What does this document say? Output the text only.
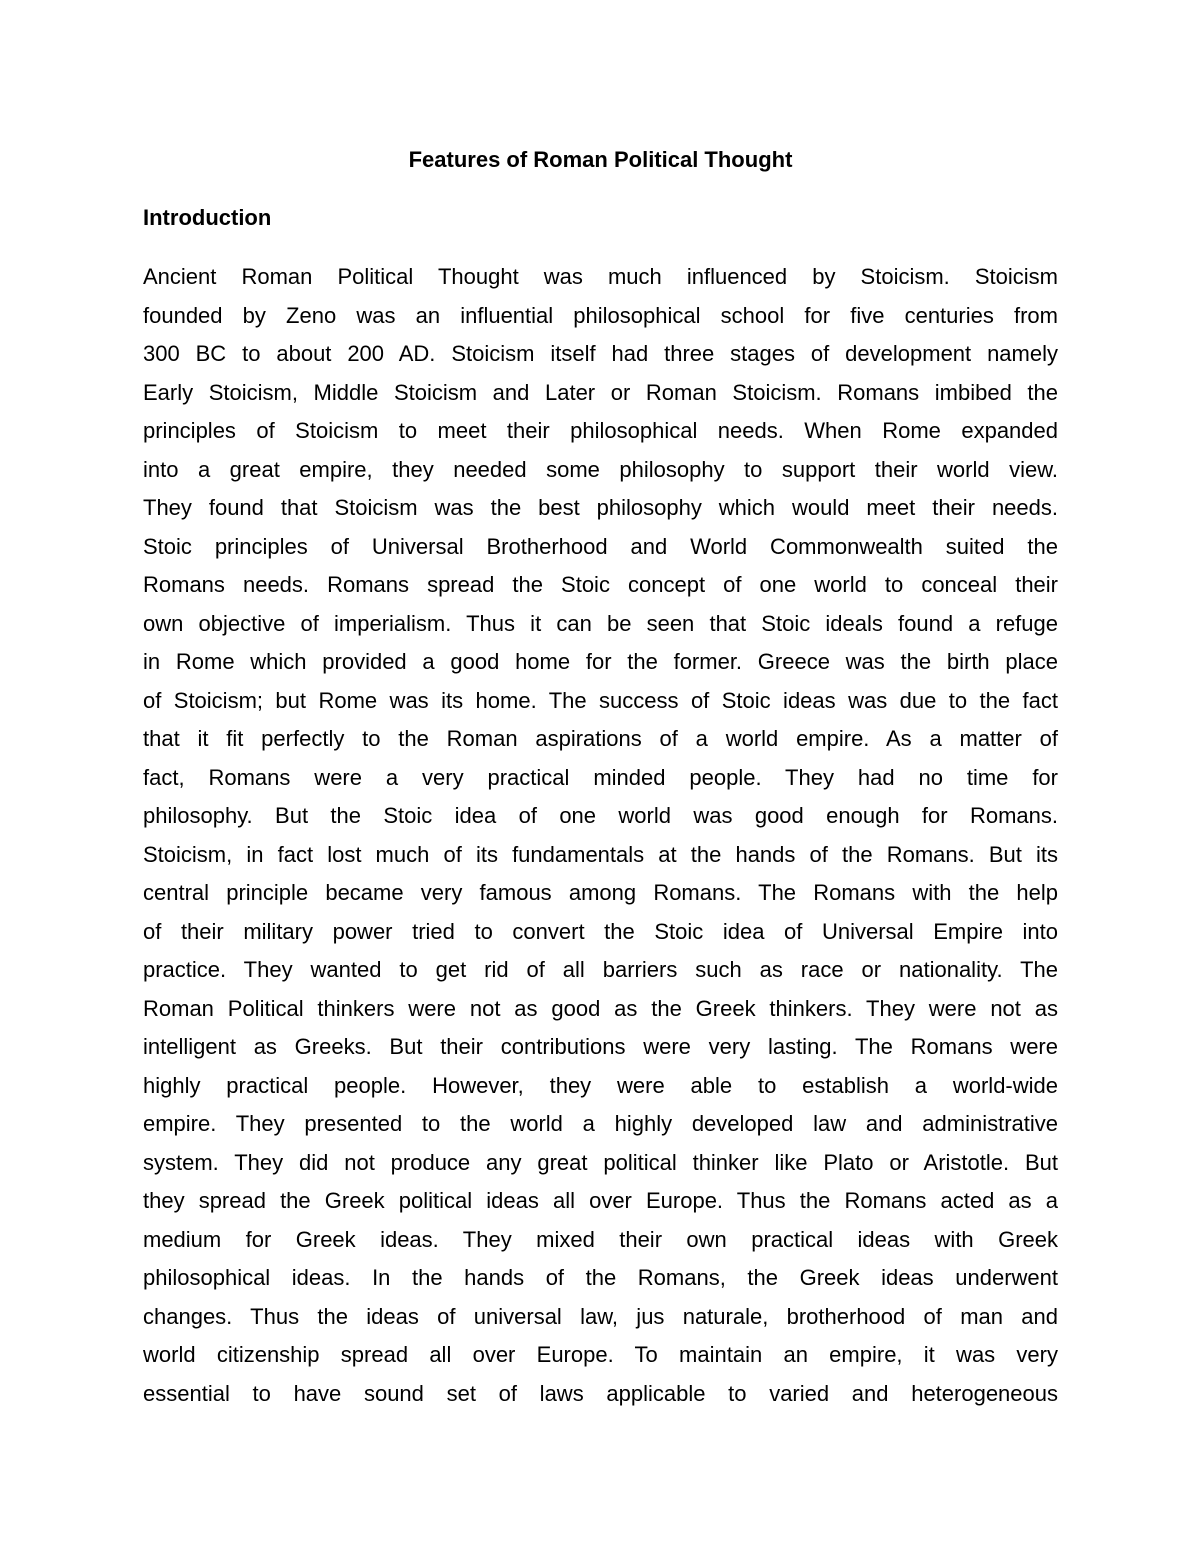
Features of Roman Political Thought
Introduction
Ancient Roman Political Thought was much influenced by Stoicism. Stoicism
founded by Zeno was an influential philosophical school for five centuries from
300 BC to about 200 AD. Stoicism itself had three stages of development namely
Early Stoicism, Middle Stoicism and Later or Roman Stoicism. Romans imbibed the
principles of Stoicism to meet their philosophical needs. When Rome expanded
into a great empire, they needed some philosophy to support their world view.
They found that Stoicism was the best philosophy which would meet their needs.
Stoic principles of Universal Brotherhood and World Commonwealth suited the
Romans needs. Romans spread the Stoic concept of one world to conceal their
own objective of imperialism. Thus it can be seen that Stoic ideals found a refuge
in Rome which provided a good home for the former. Greece was the birth place
of Stoicism; but Rome was its home. The success of Stoic ideas was due to the fact
that it fit perfectly to the Roman aspirations of a world empire. As a matter of
fact, Romans were a very practical minded people. They had no time for
philosophy. But the Stoic idea of one world was good enough for Romans.
Stoicism, in fact lost much of its fundamentals at the hands of the Romans. But its
central principle became very famous among Romans. The Romans with the help
of their military power tried to convert the Stoic idea of Universal Empire into
practice. They wanted to get rid of all barriers such as race or nationality. The
Roman Political thinkers were not as good as the Greek thinkers. They were not as
intelligent as Greeks. But their contributions were very lasting. The Romans were
highly practical people. However, they were able to establish a world-wide
empire. They presented to the world a highly developed law and administrative
system. They did not produce any great political thinker like Plato or Aristotle. But
they spread the Greek political ideas all over Europe. Thus the Romans acted as a
medium for Greek ideas. They mixed their own practical ideas with Greek
philosophical ideas. In the hands of the Romans, the Greek ideas underwent
changes. Thus the ideas of universal law, jus naturale, brotherhood of man and
world citizenship spread all over Europe. To maintain an empire, it was very
essential to have sound set of laws applicable to varied and heterogeneous
